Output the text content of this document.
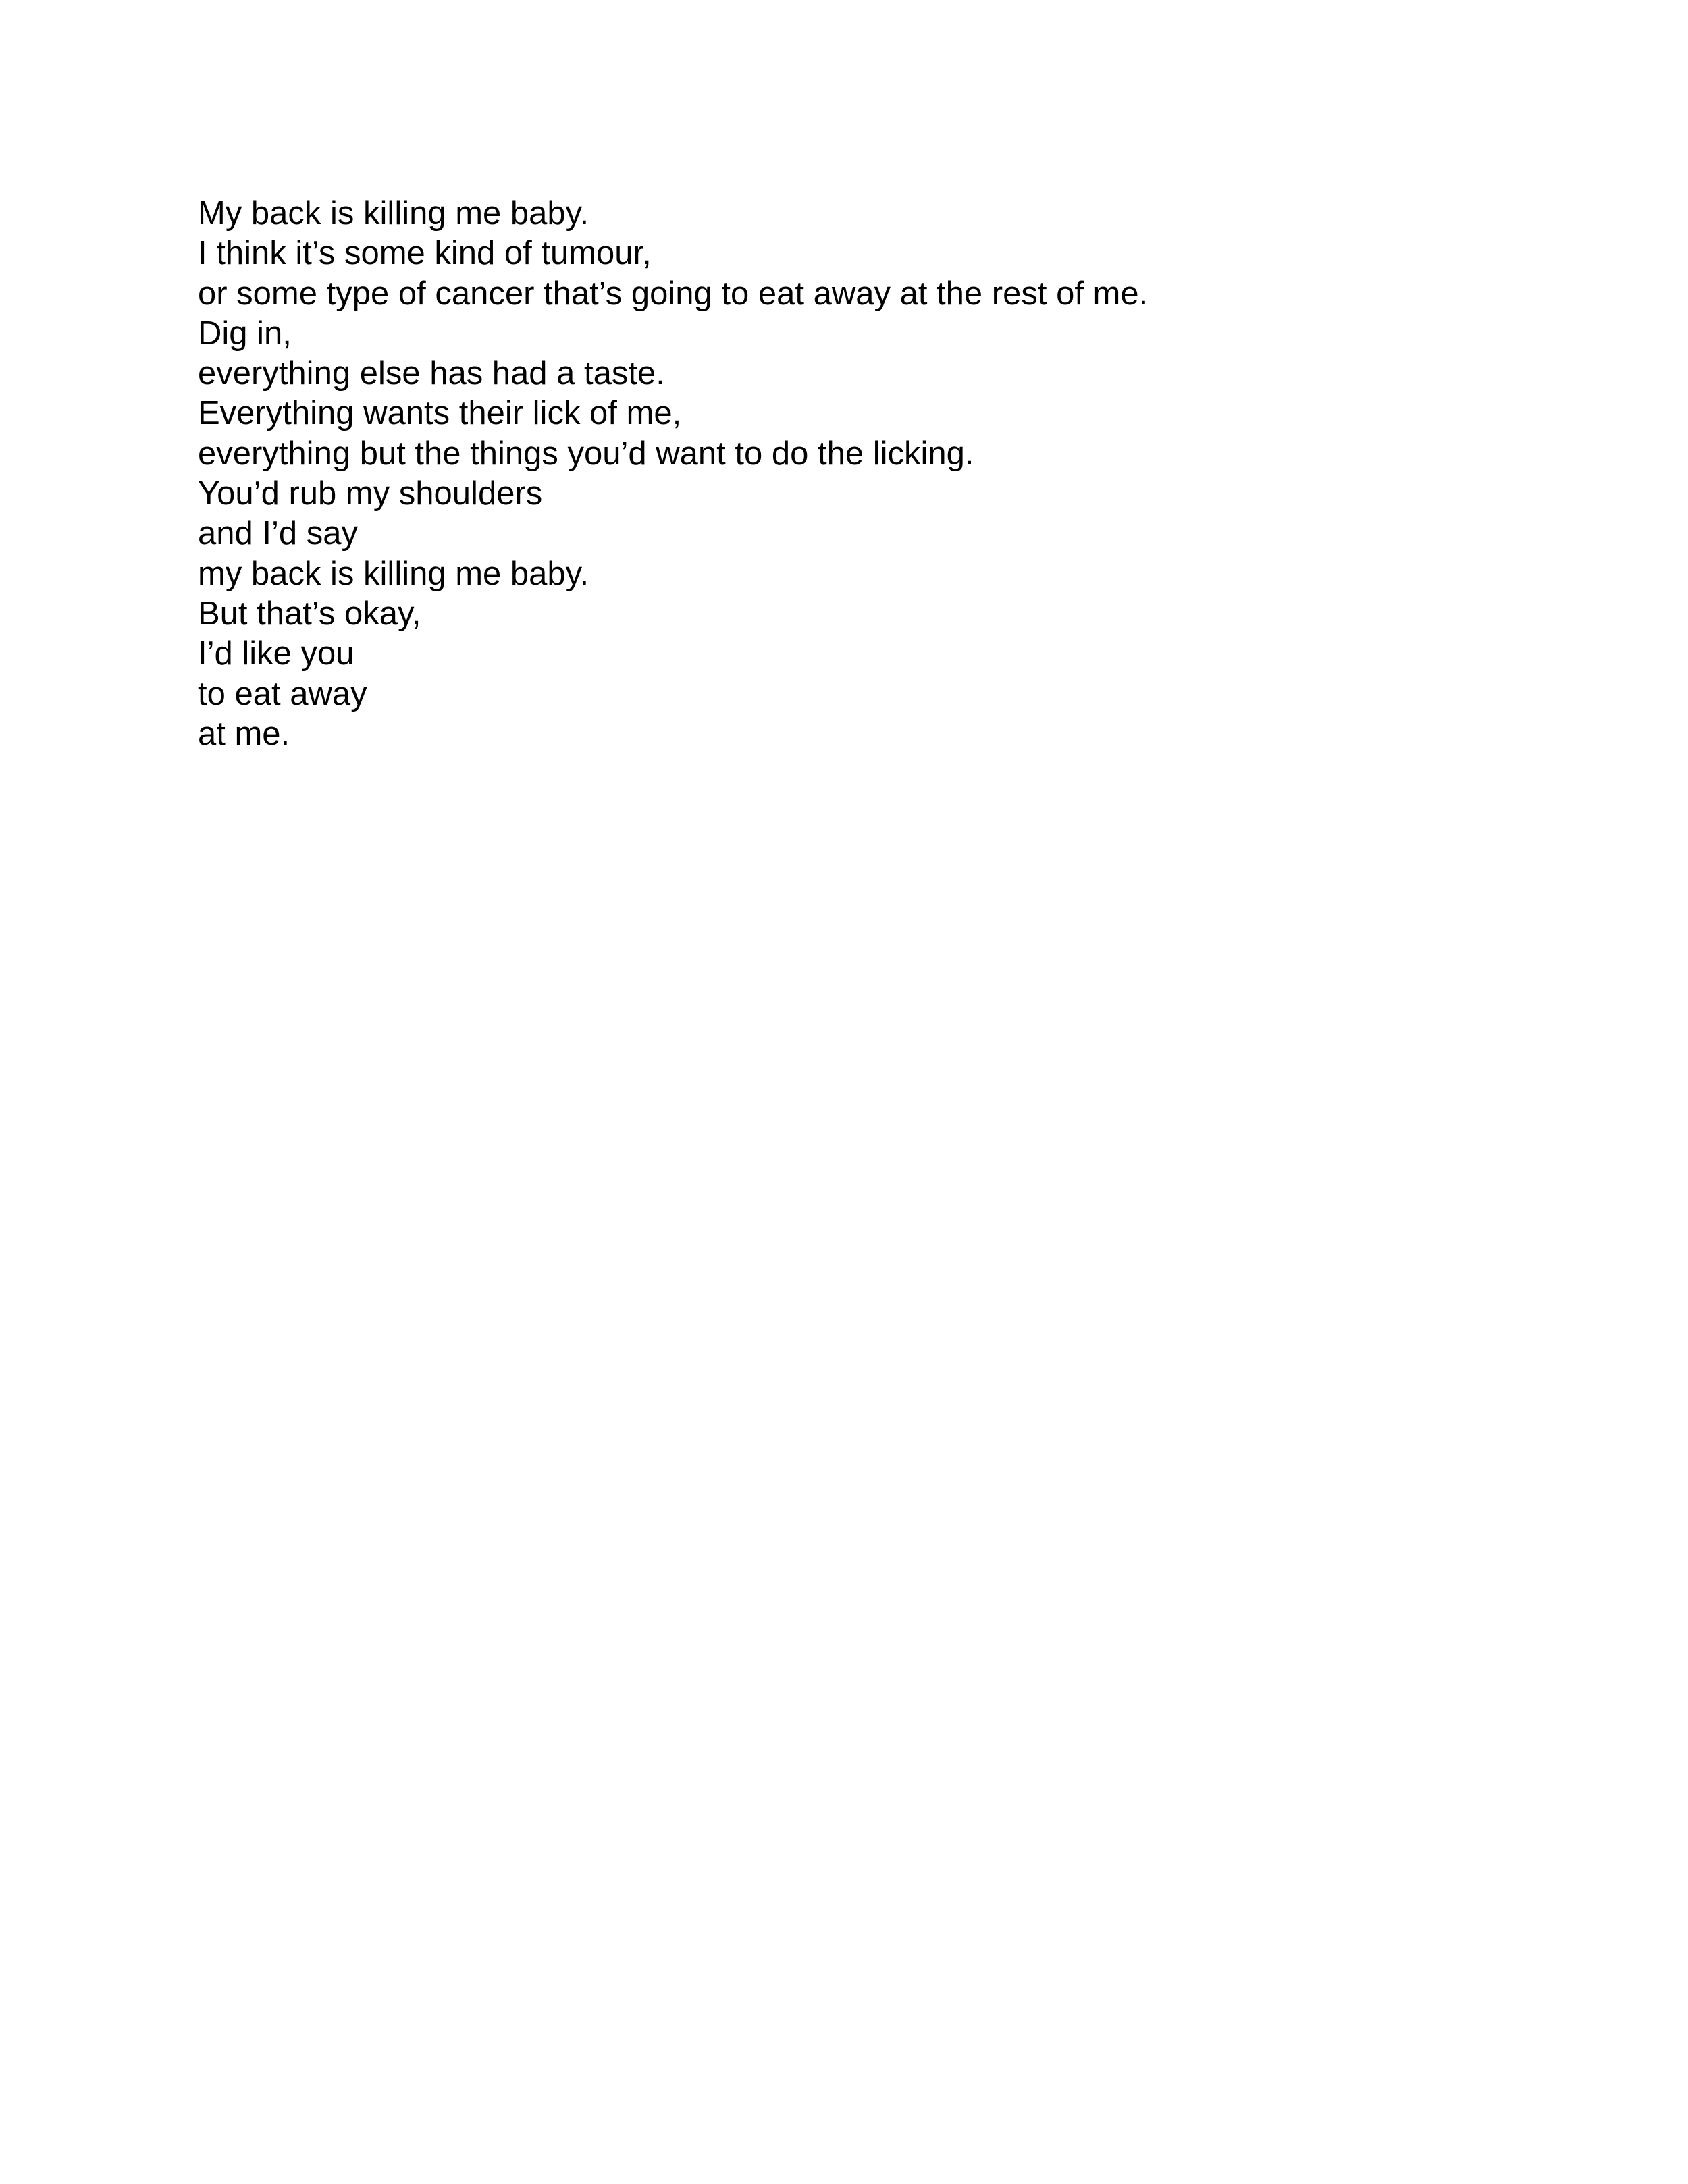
My back is killing me baby.
I think it’s some kind of tumour,
or some type of cancer that’s going to eat away at the rest of me.
Dig in,
everything else has had a taste.
Everything wants their lick of me,
everything but the things you’d want to do the licking.
You’d rub my shoulders
and I’d say
my back is killing me baby.
But that’s okay,
I’d like you
to eat away
at me.
